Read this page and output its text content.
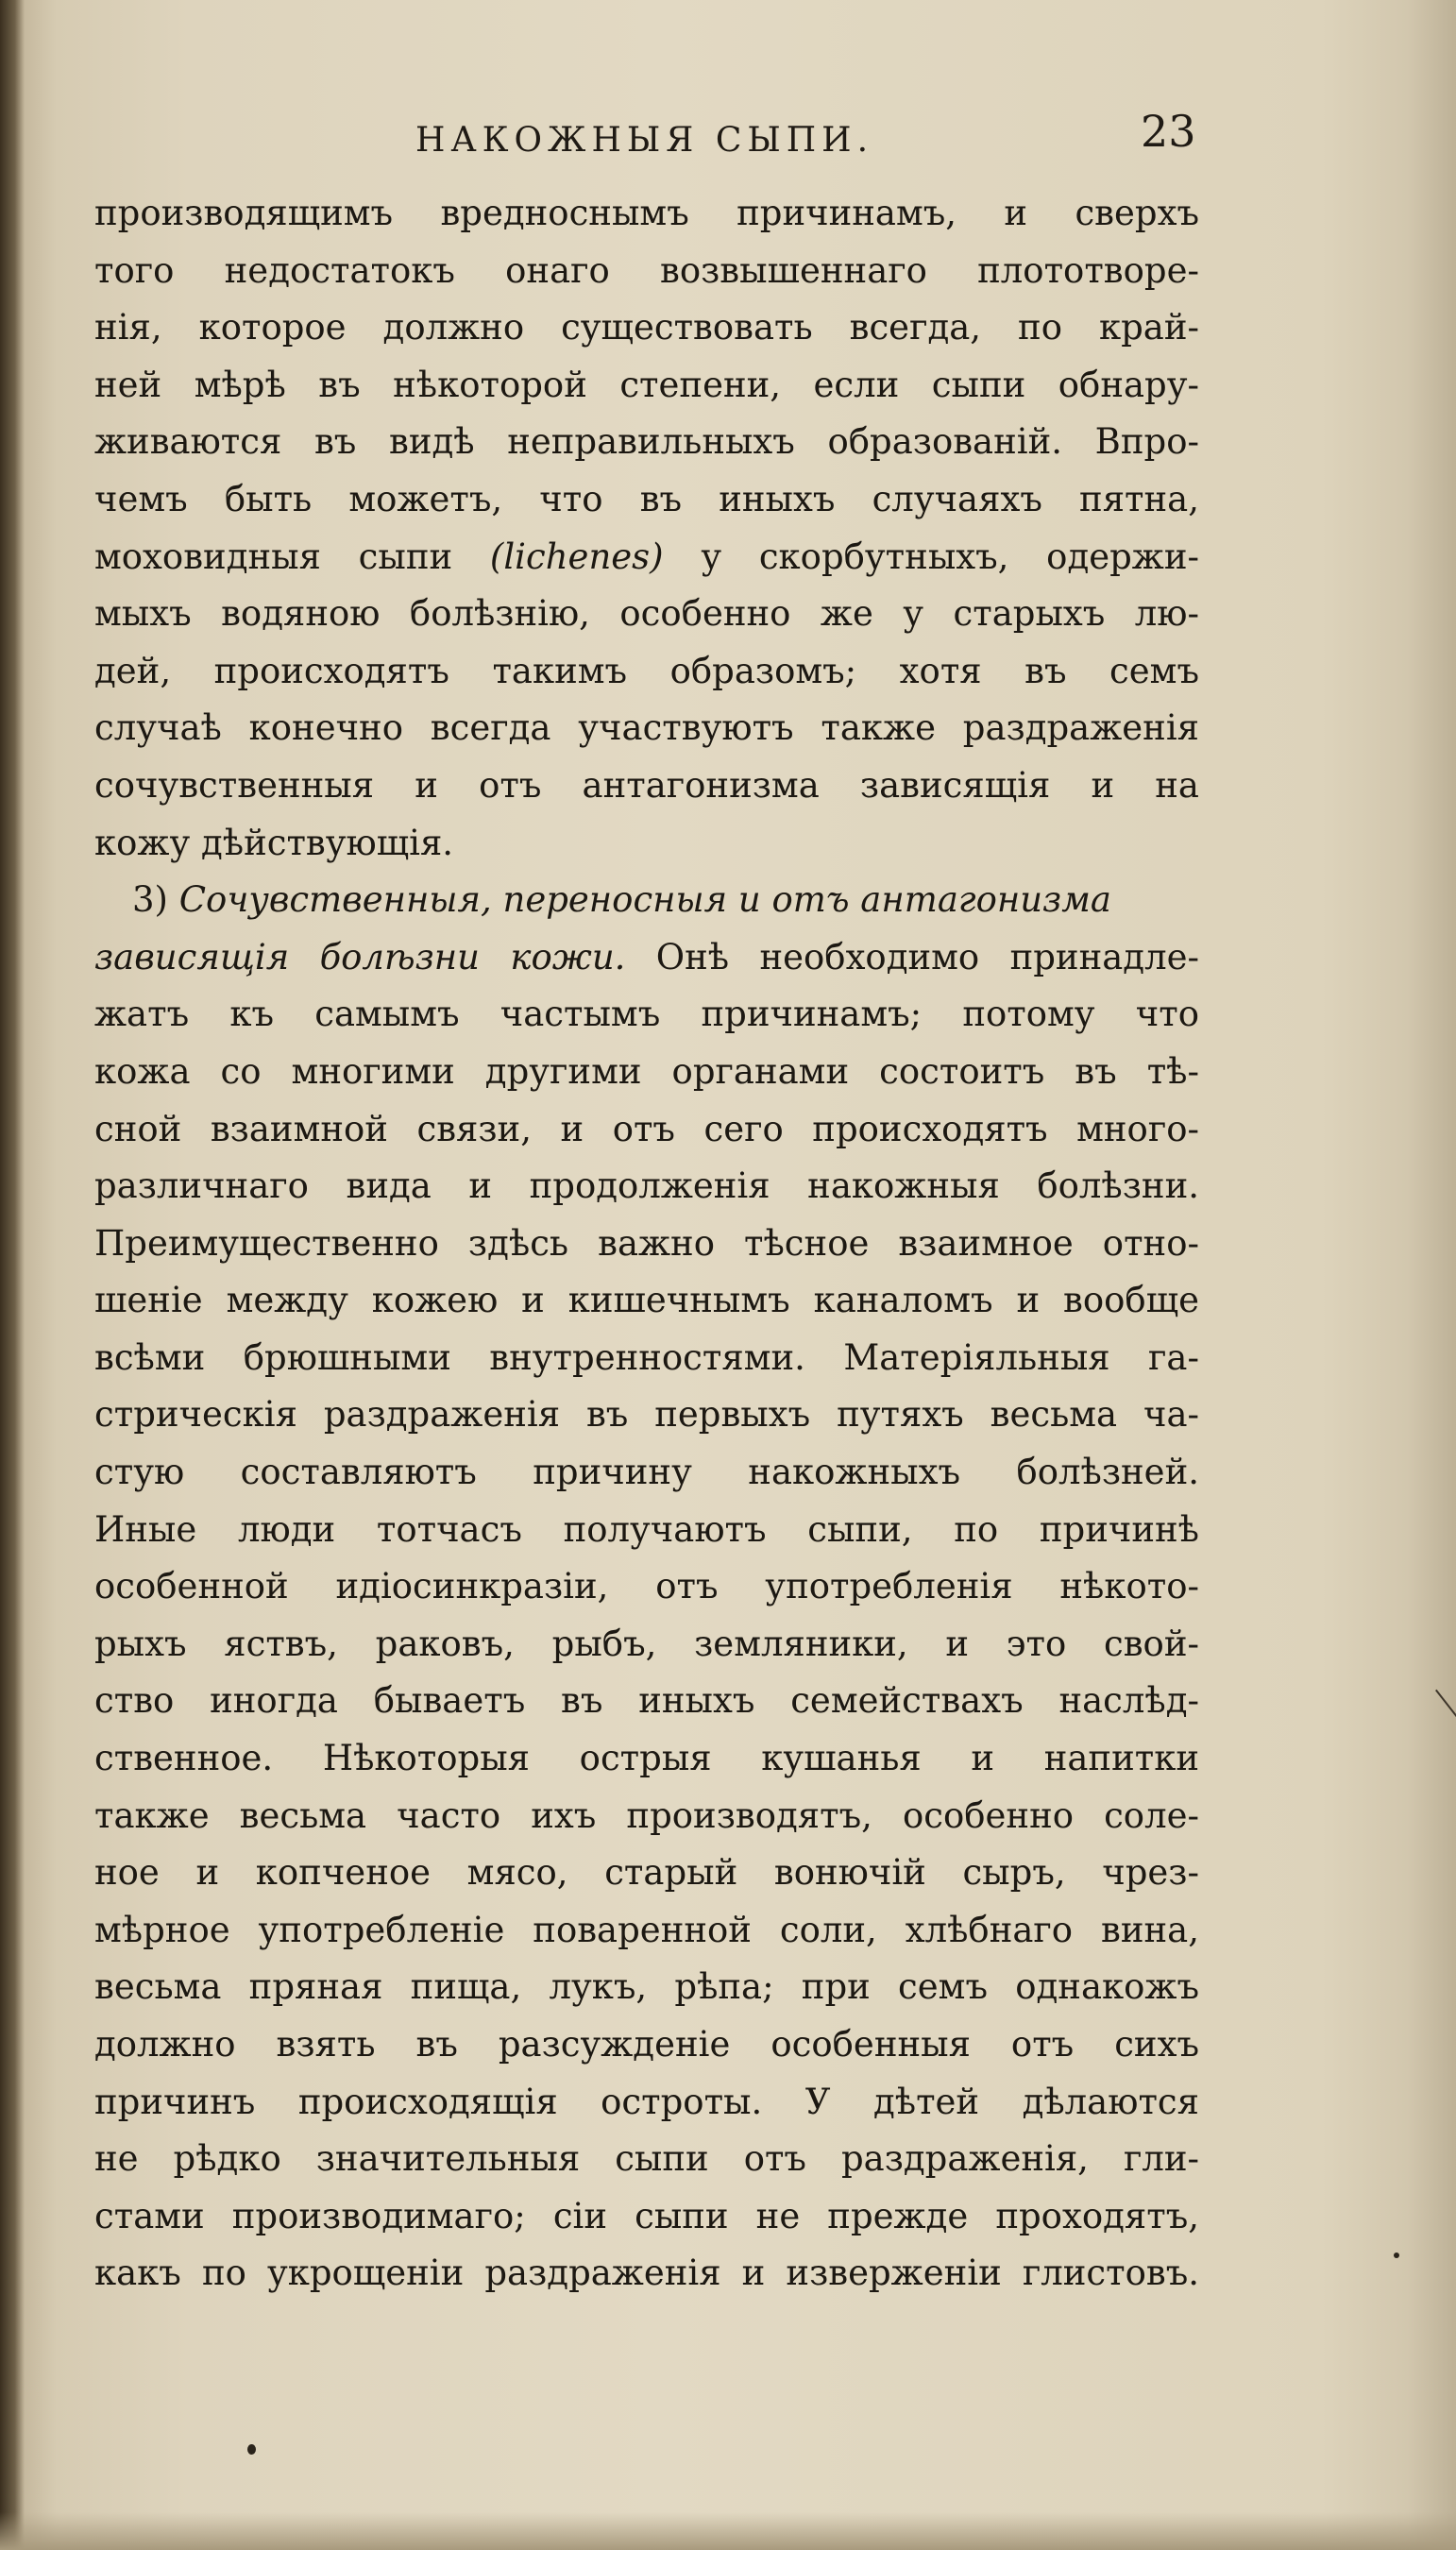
НАКОЖНЫЯ СЫПИ.	23
производящимъ вредноснымъ причинамъ, и сверхъ
того недостатокъ онаго возвышеннаго плототворе-
нія, которое должно существовать всегда, по край-
ней мѣрѣ въ нѣкоторой степени, если сыпи обнару-
живаются въ видѣ неправильныхъ образованій. Впро-
чемъ быть можетъ, что въ иныхъ случаяхъ пятна,
моховидныя сыпи (lichenes) у скорбутныхъ, одержи-
мыхъ водяною болѣзнію, особенно же у старыхъ лю-
дей, происходятъ такимъ образомъ; хотя въ семъ
случаѣ конечно всегда участвуютъ также раздраженія
сочувственныя и отъ антагонизма зависящія и на
кожу дѣйствующія.
3) Сочувственныя, переносныя и отъ антагонизма
зависящія болѣзни кожи. Онѣ необходимо принадле-
жатъ къ самымъ частымъ причинамъ; потому что
кожа со многими другими органами состоитъ въ тѣ-
сной взаимной связи, и отъ сего происходятъ много-
различнаго вида и продолженія накожныя болѣзни.
Преимущественно здѣсь важно тѣсное взаимное отно-
шеніе между кожею и кишечнымъ каналомъ и вообще
всѣми брюшными внутренностями. Матеріяльныя га-
стрическія раздраженія въ первыхъ путяхъ весьма ча-
стую составляютъ причину накожныхъ болѣзней.
Иные люди тотчасъ получаютъ сыпи, по причинѣ
особенной идіосинкразіи, отъ употребленія нѣкото-
рыхъ яствъ, раковъ, рыбъ, земляники, и это свой-
ство иногда бываетъ въ иныхъ семействахъ наслѣд-
ственное. Нѣкоторыя острыя кушанья и напитки
также весьма часто ихъ производятъ, особенно соле-
ное и копченое мясо, старый вонючій сыръ, чрез-
мѣрное употребленіе поваренной соли, хлѣбнаго вина,
весьма пряная пища, лукъ, рѣпа; при семъ однакожъ
должно взять въ разсужденіе особенныя отъ сихъ
причинъ происходящія остроты. У дѣтей дѣлаются
не рѣдко значительныя сыпи отъ раздраженія, гли-
стами производимаго; сіи сыпи не прежде проходятъ,
какъ по укрощеніи раздраженія и изверженіи глистовъ.
